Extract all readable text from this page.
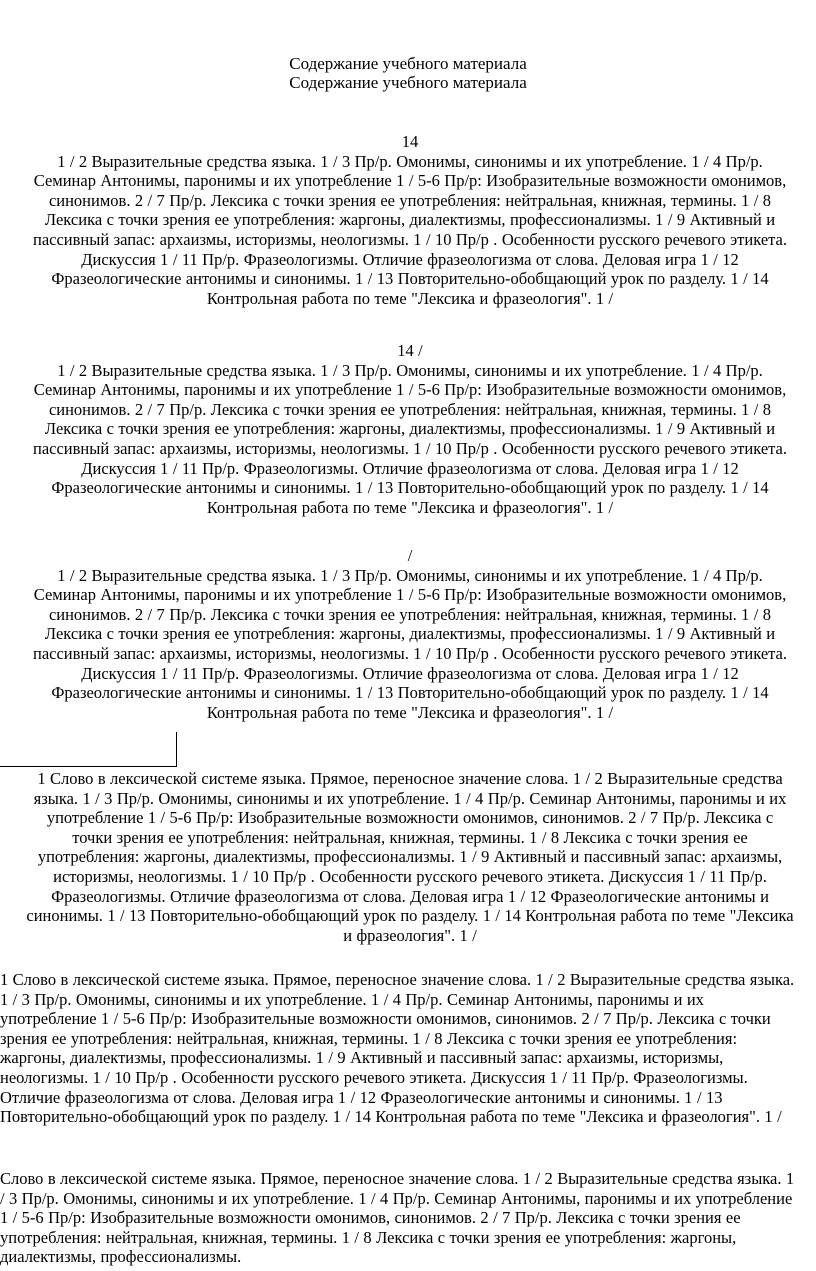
Содержание учебного материала
Содержание учебного материала
14
1 / 2 Выразительные средства языка. 1 / 3 Пр/р. Омонимы, синонимы и их употребление. 1 / 4 Пр/р. Семинар Антонимы, паронимы и их употребление 1 / 5-6 Пр/р: Изобразительные возможности омонимов, синонимов. 2 / 7 Пр/р. Лексика с точки зрения ее употребления: нейтральная, книжная, термины. 1 / 8 Лексика с точки зрения ее употребления: жаргоны, диалектизмы, профессионализмы. 1 / 9 Активный и пассивный запас: архаизмы, историзмы, неологизмы. 1 / 10 Пр/р . Особенности русского речевого этикета. Дискуссия 1 / 11 Пр/р. Фразеологизмы. Отличие фразеологизма от слова. Деловая игра 1 / 12 Фразеологические антонимы и синонимы. 1 / 13 Повторительно-обобщающий урок по разделу. 1 / 14 Контрольная работа по теме "Лексика и фразеология". 1 /
14 /
1 / 2 Выразительные средства языка. 1 / 3 Пр/р. Омонимы, синонимы и их употребление. 1 / 4 Пр/р. Семинар Антонимы, паронимы и их употребление 1 / 5-6 Пр/р: Изобразительные возможности омонимов, синонимов. 2 / 7 Пр/р. Лексика с точки зрения ее употребления: нейтральная, книжная, термины. 1 / 8 Лексика с точки зрения ее употребления: жаргоны, диалектизмы, профессионализмы. 1 / 9 Активный и пассивный запас: архаизмы, историзмы, неологизмы. 1 / 10 Пр/р . Особенности русского речевого этикета. Дискуссия 1 / 11 Пр/р. Фразеологизмы. Отличие фразеологизма от слова. Деловая игра 1 / 12 Фразеологические антонимы и синонимы. 1 / 13 Повторительно-обобщающий урок по разделу. 1 / 14 Контрольная работа по теме "Лексика и фразеология". 1 /
/
1 / 2 Выразительные средства языка. 1 / 3 Пр/р. Омонимы, синонимы и их употребление. 1 / 4 Пр/р. Семинар Антонимы, паронимы и их употребление 1 / 5-6 Пр/р: Изобразительные возможности омонимов, синонимов. 2 / 7 Пр/р. Лексика с точки зрения ее употребления: нейтральная, книжная, термины. 1 / 8 Лексика с точки зрения ее употребления: жаргоны, диалектизмы, профессионализмы. 1 / 9 Активный и пассивный запас: архаизмы, историзмы, неологизмы. 1 / 10 Пр/р . Особенности русского речевого этикета. Дискуссия 1 / 11 Пр/р. Фразеологизмы. Отличие фразеологизма от слова. Деловая игра 1 / 12 Фразеологические антонимы и синонимы. 1 / 13 Повторительно-обобщающий урок по разделу. 1 / 14 Контрольная работа по теме "Лексика и фразеология". 1 /
1 Слово в лексической системе языка. Прямое, переносное значение слова. 1 / 2 Выразительные средства языка. 1 / 3 Пр/р. Омонимы, синонимы и их употребление. 1 / 4 Пр/р. Семинар Антонимы, паронимы и их употребление 1 / 5-6 Пр/р: Изобразительные возможности омонимов, синонимов. 2 / 7 Пр/р. Лексика с точки зрения ее употребления: нейтральная, книжная, термины. 1 / 8 Лексика с точки зрения ее употребления: жаргоны, диалектизмы, профессионализмы. 1 / 9 Активный и пассивный запас: архаизмы, историзмы, неологизмы. 1 / 10 Пр/р . Особенности русского речевого этикета. Дискуссия 1 / 11 Пр/р. Фразеологизмы. Отличие фразеологизма от слова. Деловая игра 1 / 12 Фразеологические антонимы и синонимы. 1 / 13 Повторительно-обобщающий урок по разделу. 1 / 14 Контрольная работа по теме "Лексика и фразеология". 1 /
1 Слово в лексической системе языка. Прямое, переносное значение слова. 1 / 2 Выразительные средства языка. 1 / 3 Пр/р. Омонимы, синонимы и их употребление. 1 / 4 Пр/р. Семинар Антонимы, паронимы и их употребление 1 / 5-6 Пр/р: Изобразительные возможности омонимов, синонимов. 2 / 7 Пр/р. Лексика с точки зрения ее употребления: нейтральная, книжная, термины. 1 / 8 Лексика с точки зрения ее употребления: жаргоны, диалектизмы, профессионализмы. 1 / 9 Активный и пассивный запас: архаизмы, историзмы, неологизмы. 1 / 10 Пр/р . Особенности русского речевого этикета. Дискуссия 1 / 11 Пр/р. Фразеологизмы. Отличие фразеологизма от слова. Деловая игра 1 / 12 Фразеологические антонимы и синонимы. 1 / 13 Повторительно-обобщающий урок по разделу. 1 / 14 Контрольная работа по теме "Лексика и фразеология". 1 /
Слово в лексической системе языка. Прямое, переносное значение слова. 1 / 2 Выразительные средства языка. 1 / 3 Пр/р. Омонимы, синонимы и их употребление. 1 / 4 Пр/р. Семинар Антонимы, паронимы и их употребление 1 / 5-6 Пр/р: Изобразительные возможности омонимов, синонимов. 2 / 7 Пр/р. Лексика с точки зрения ее употребления: нейтральная, книжная, термины. 1 / 8 Лексика с точки зрения ее употребления: жаргоны, диалектизмы, профессионализмы.
